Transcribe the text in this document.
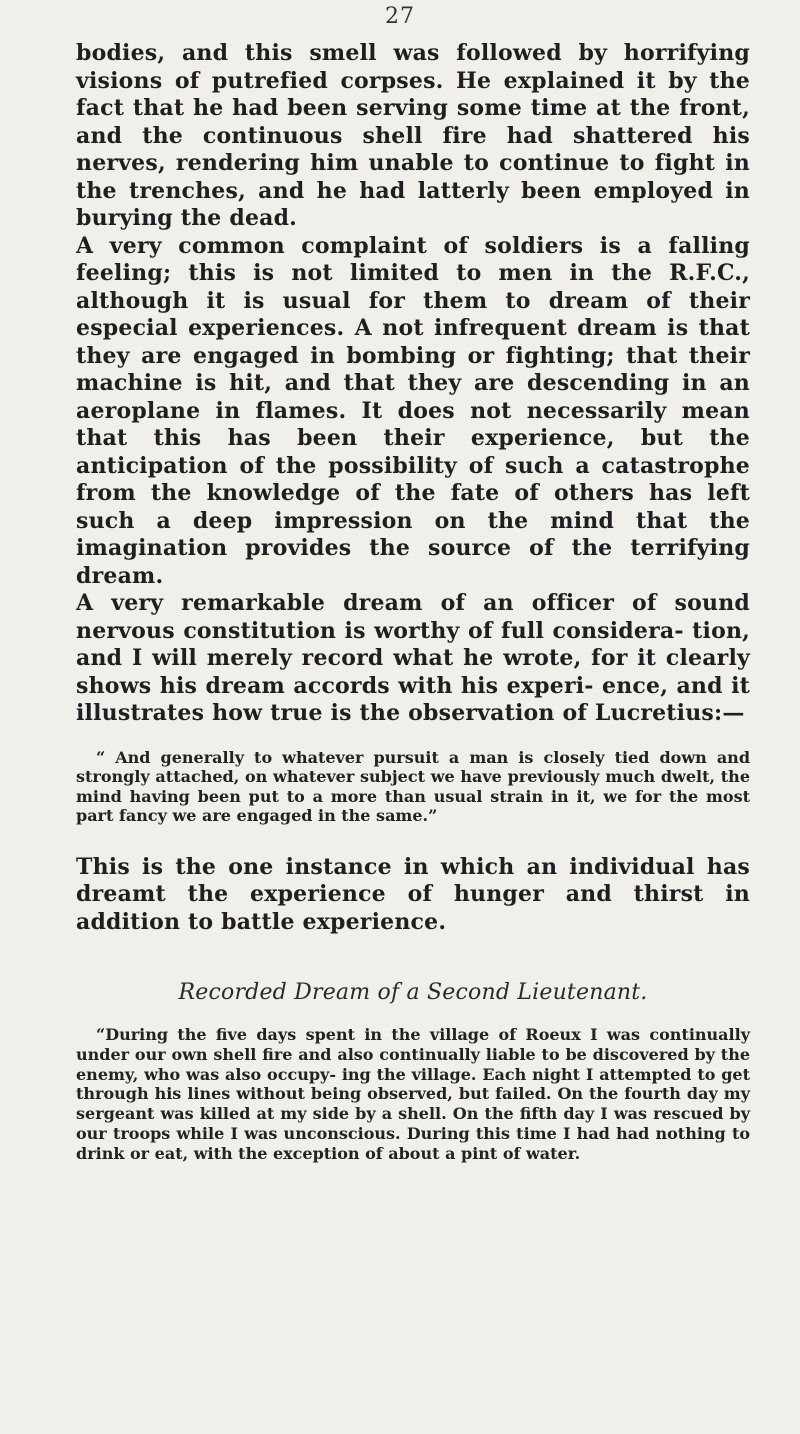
27

bodies, and this smell was followed by horrifying visions of putrefied corpses. He explained it by the fact that he had been serving some time at the front, and the continuous shell fire had shattered his nerves, rendering him unable to continue to fight in the trenches, and he had latterly been employed in burying the dead.

A very common complaint of soldiers is a falling feeling; this is not limited to men in the R.F.C., although it is usual for them to dream of their especial experiences. A not infrequent dream is that they are engaged in bombing or fighting; that their machine is hit, and that they are descending in an aeroplane in flames. It does not necessarily mean that this has been their experience, but the anticipation of the possibility of such a catastrophe from the knowledge of the fate of others has left such a deep impression on the mind that the imagination provides the source of the terrifying dream.

A very remarkable dream of an officer of sound nervous constitution is worthy of full considera- tion, and I will merely record what he wrote, for it clearly shows his dream accords with his experi- ence, and it illustrates how true is the observation of Lucretius:—

“ And generally to whatever pursuit a man is closely tied down and strongly attached, on whatever subject we have previously much dwelt, the mind having been put to a more than usual strain in it, we for the most part fancy we are engaged in the same.”

This is the one instance in which an individual has dreamt the experience of hunger and thirst in addition to battle experience.

Recorded Dream of a Second Lieutenant.

“During the five days spent in the village of Roeux I was continually under our own shell fire and also continually liable to be discovered by the enemy, who was also occupy- ing the village. Each night I attempted to get through his lines without being observed, but failed. On the fourth day my sergeant was killed at my side by a shell. On the fifth day I was rescued by our troops while I was unconscious. During this time I had had nothing to drink or eat, with the exception of about a pint of water.
